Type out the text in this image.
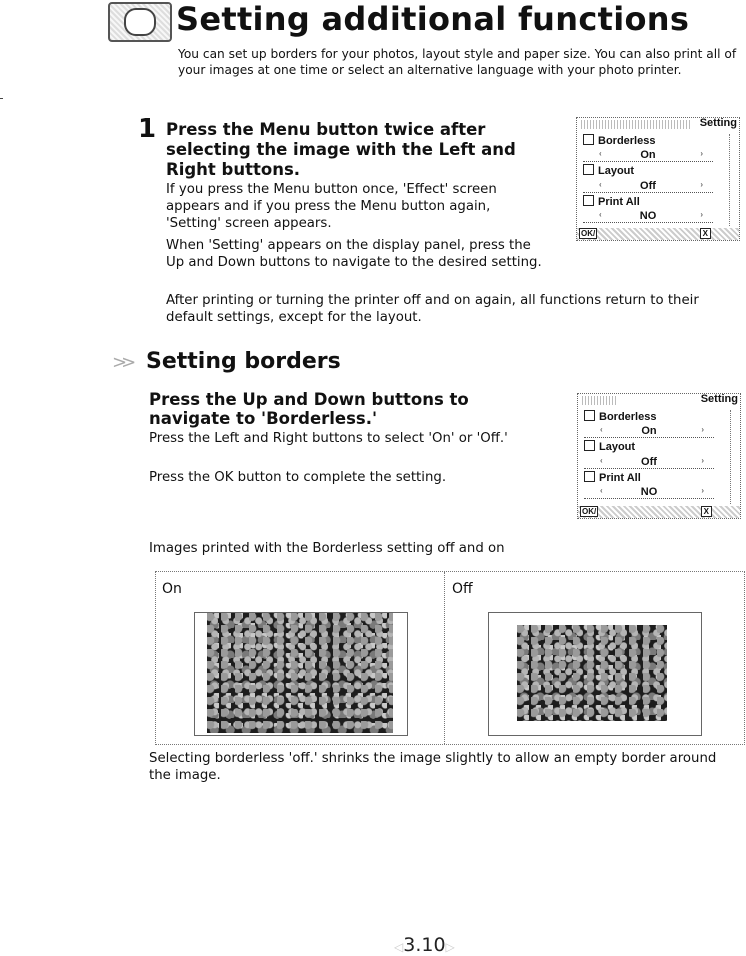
Setting additional functions
You can set up borders for your photos, layout style and paper size. You can also print all of your images at one time or select an alternative language with your photo printer.
1 Press the Menu button twice after selecting the image with the Left and Right buttons.
If you press the Menu button once, 'Effect' screen appears and if you press the Menu button again, 'Setting' screen appears.
When 'Setting' appears on the display panel, press the Up and Down buttons to navigate to the desired setting.
After printing or turning the printer off and on again, all functions return to their default settings, except for the layout.
Setting
Borderless
‹	On	›
Layout
‹	Off	›
Print All
‹	NO	›
OK/	X
>> Setting borders
Press the Up and Down buttons to navigate to 'Borderless.'
Press the Left and Right buttons to select 'On' or 'Off.'
Press the OK button to complete the setting.
Setting
Borderless
‹	On	›
Layout
‹	Off	›
Print All
‹	NO	›
OK/	X
Images printed with the Borderless setting off and on
On	Off
Selecting borderless 'off.' shrinks the image slightly to allow an empty border around the image.
◁3.10▷
